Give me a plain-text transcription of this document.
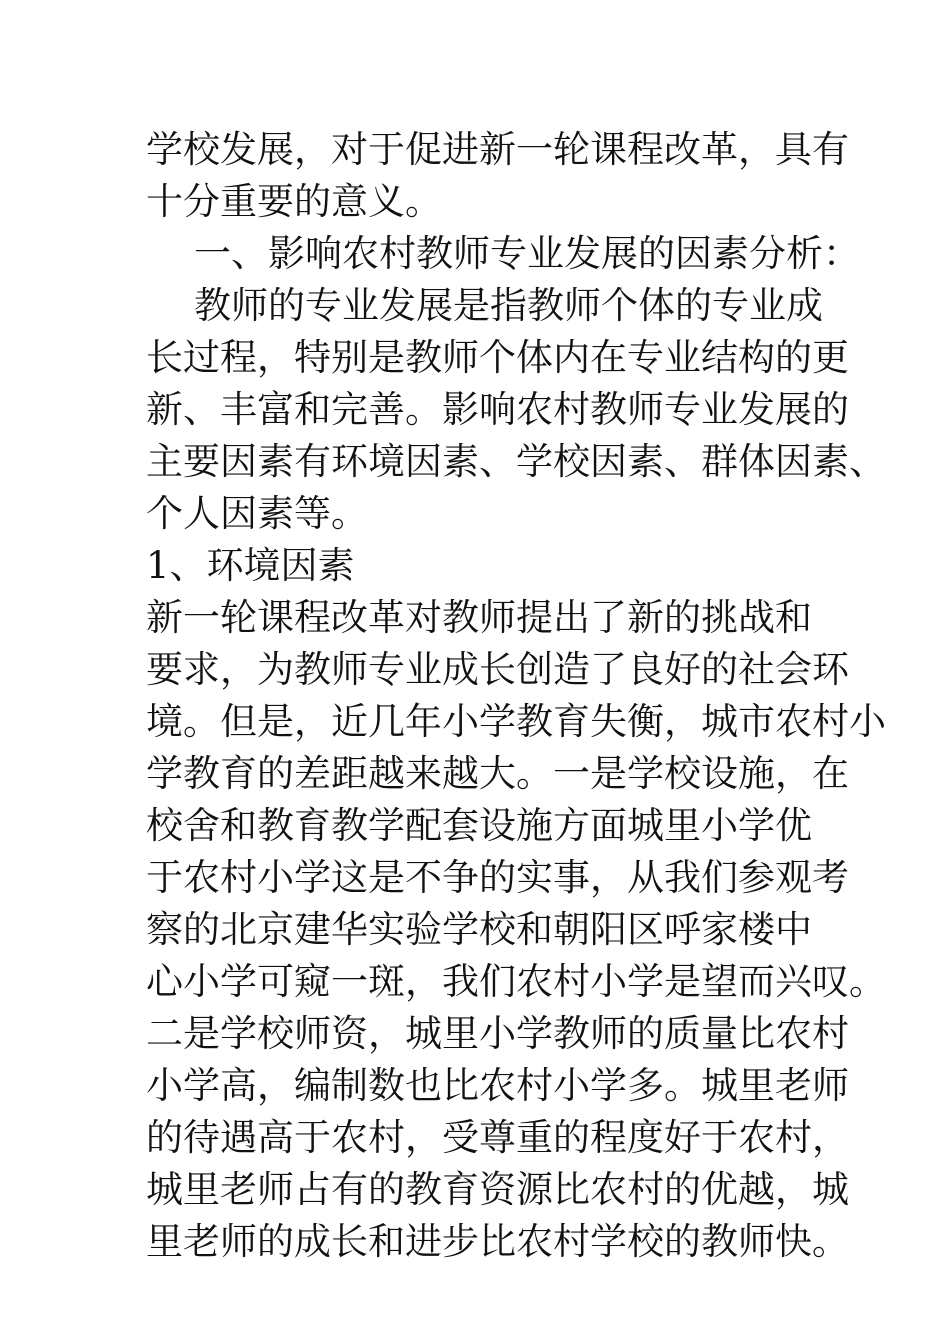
学校发展，对于促进新一轮课程改革，具有
十分重要的意义。
一、影响农村教师专业发展的因素分析：
教师的专业发展是指教师个体的专业成
长过程，特别是教师个体内在专业结构的更
新、丰富和完善。影响农村教师专业发展的
主要因素有环境因素、学校因素、群体因素、
个人因素等。
1、环境因素
新一轮课程改革对教师提出了新的挑战和
要求，为教师专业成长创造了良好的社会环
境。但是，近几年小学教育失衡，城市农村小
学教育的差距越来越大。一是学校设施，在
校舍和教育教学配套设施方面城里小学优
于农村小学这是不争的实事，从我们参观考
察的北京建华实验学校和朝阳区呼家楼中
心小学可窥一斑，我们农村小学是望而兴叹。
二是学校师资，城里小学教师的质量比农村
小学高，编制数也比农村小学多。城里老师
的待遇高于农村，受尊重的程度好于农村，
城里老师占有的教育资源比农村的优越，城
里老师的成长和进步比农村学校的教师快。
